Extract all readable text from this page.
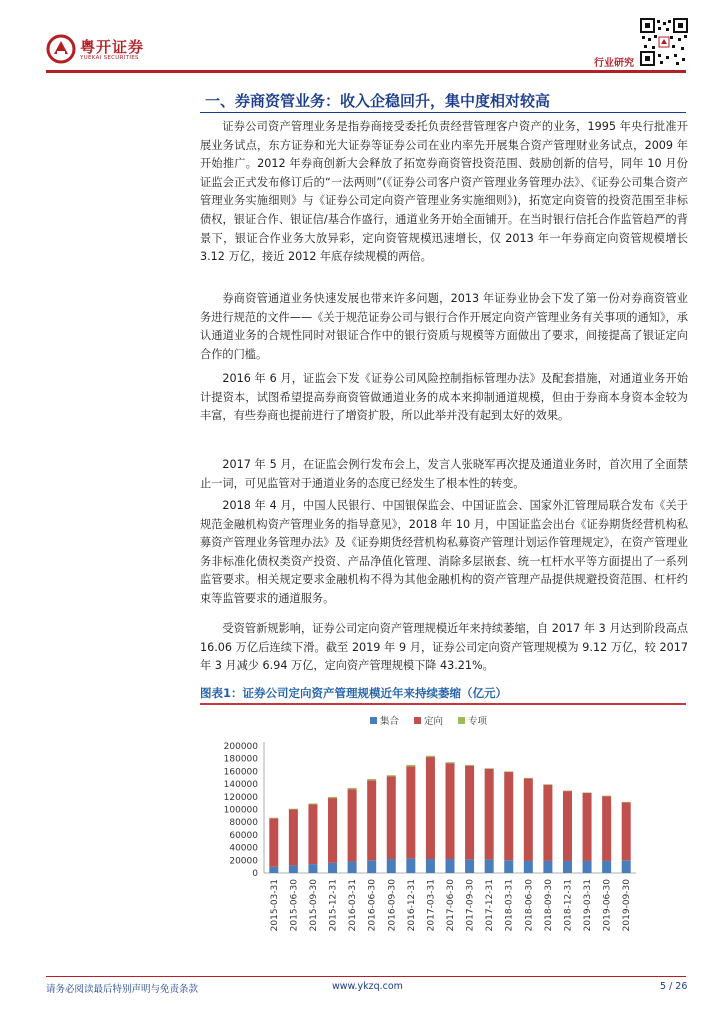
粤开证券
YUEKAI SECURITIES	行业研究
一、券商资管业务：收入企稳回升，集中度相对较高

证券公司资产管理业务是指券商接受委托负责经营管理客户资产的业务，1995 年央行批准开展业务试点，东方证券和光大证券等证券公司在业内率先开展集合资产管理财业务试点，2009 年开始推广。2012 年券商创新大会释放了拓宽券商资管投资范围、鼓励创新的信号，同年 10 月份证监会正式发布修订后的“一法两则”(《证券公司客户资产管理业务管理办法》、《证券公司集合资产管理业务实施细则》与《证券公司定向资产管理业务实施细则》)，拓宽定向资管的投资范围至非标债权，银证合作、银证信/基合作盛行，通道业务开始全面铺开。在当时银行信托合作监管趋严的背景下，银证合作业务大放异彩，定向资管规模迅速增长，仅 2013 年一年券商定向资管规模增长 3.12 万亿，接近 2012 年底存续规模的两倍。

券商资管通道业务快速发展也带来许多问题，2013 年证券业协会下发了第一份对券商资管业务进行规范的文件——《关于规范证券公司与银行合作开展定向资产管理业务有关事项的通知》，承认通道业务的合规性同时对银证合作中的银行资质与规模等方面做出了要求，间接提高了银证定向合作的门槛。

2016 年 6 月，证监会下发《证券公司风险控制指标管理办法》及配套措施，对通道业务开始计提资本，试图希望提高券商资管做通道业务的成本来抑制通道规模，但由于券商本身资本金较为丰富，有些券商也提前进行了增资扩股，所以此举并没有起到太好的效果。

2017 年 5 月，在证监会例行发布会上，发言人张晓军再次提及通道业务时，首次用了全面禁止一词，可见监管对于通道业务的态度已经发生了根本性的转变。

2018 年 4 月，中国人民银行、中国银保监会、中国证监会、国家外汇管理局联合发布《关于规范金融机构资产管理业务的指导意见》，2018 年 10 月，中国证监会出台《证券期货经营机构私募资产管理业务管理办法》及《证券期货经营机构私募资产管理计划运作管理规定》，在资产管理业务非标准化债权类资产投资、产品净值化管理、消除多层嵌套、统一杠杆水平等方面提出了一系列监管要求。相关规定要求金融机构不得为其他金融机构的资产管理产品提供规避投资范围、杠杆约束等监管要求的通道服务。

受资管新规影响，证券公司定向资产管理规模近年来持续萎缩，自 2017 年 3 月达到阶段高点 16.06 万亿后连续下滑。截至 2019 年 9 月，证券公司定向资产管理规模为 9.12 万亿，较 2017 年 3 月减少 6.94 万亿，定向资产管理规模下降 43.21%。

图表1：证券公司定向资产管理规模近年来持续萎缩（亿元）
集合	定向	专项
200000
180000
160000
140000
120000
100000
80000
60000
40000
20000
0
2015-03-31 2015-06-30 2015-09-30 2015-12-31 2016-03-31 2016-06-30 2016-09-30 2016-12-31 2017-03-31 2017-06-30 2017-09-30 2017-12-31 2018-03-31 2018-06-30 2018-09-30 2018-12-31 2019-03-31 2019-06-30 2019-09-30
请务必阅读最后特别声明与免责条款	www.ykzq.com	5 / 26
